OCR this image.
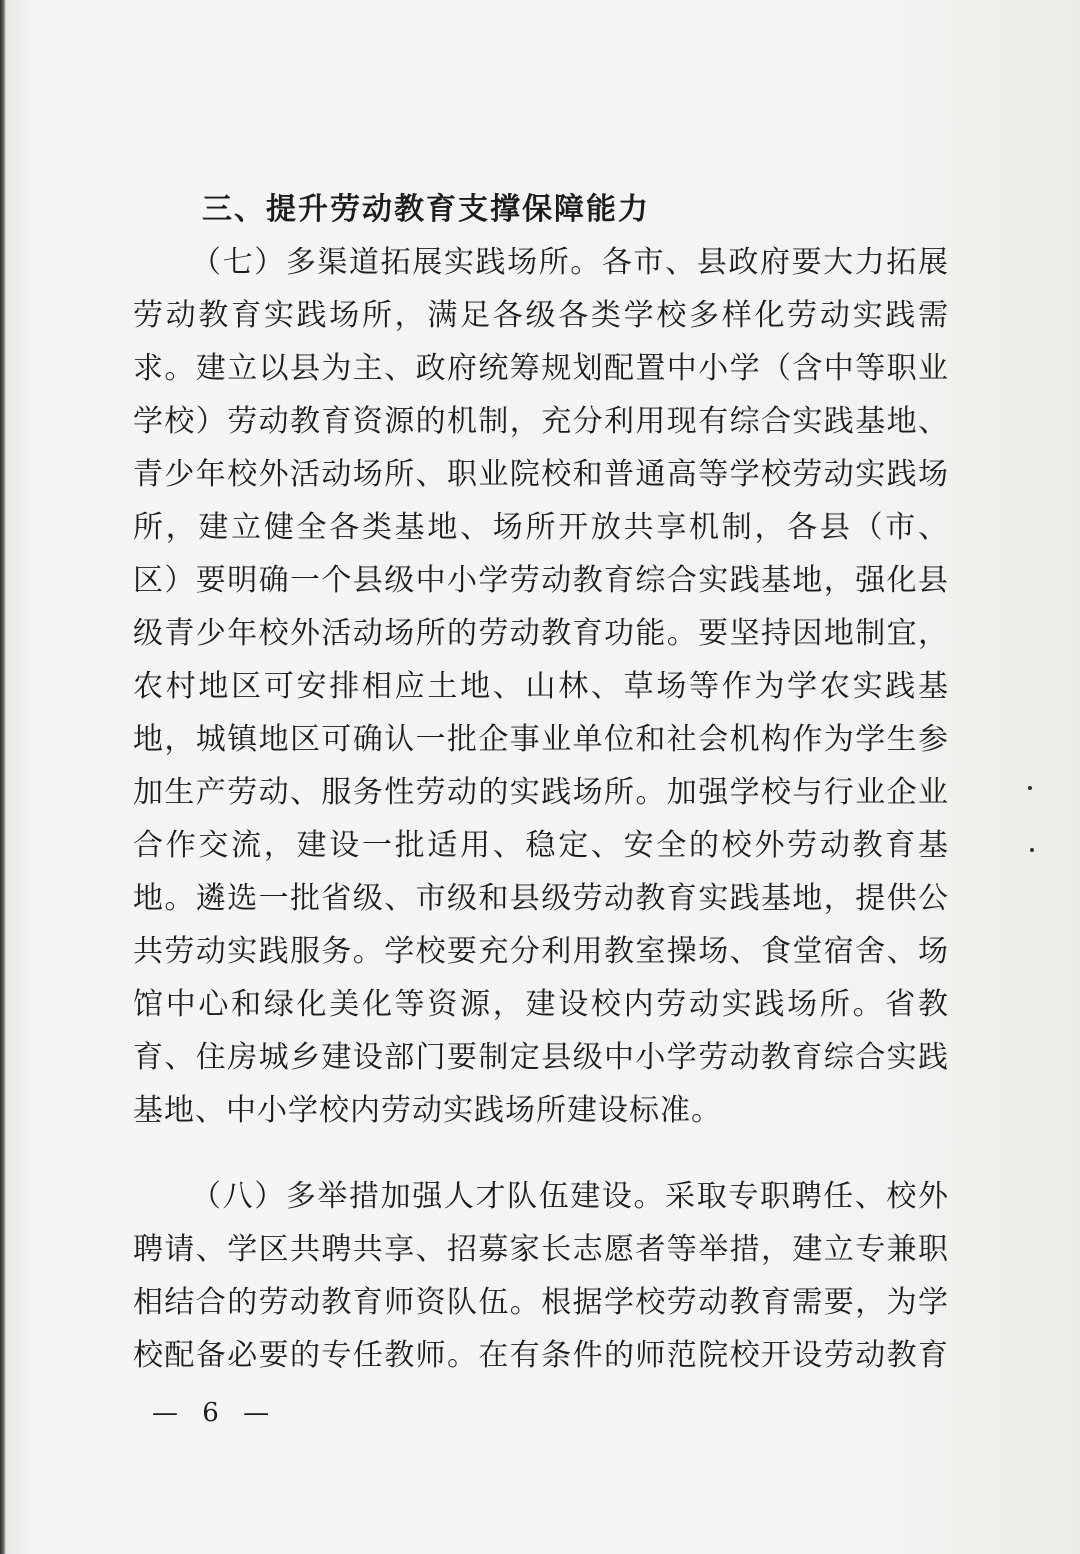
三、提升劳动教育支撑保障能力
（七）多渠道拓展实践场所。各市、县政府要大力拓展
劳动教育实践场所，满足各级各类学校多样化劳动实践需
求。建立以县为主、政府统筹规划配置中小学（含中等职业
学校）劳动教育资源的机制，充分利用现有综合实践基地、
青少年校外活动场所、职业院校和普通高等学校劳动实践场
所，建立健全各类基地、场所开放共享机制，各县（市、
区）要明确一个县级中小学劳动教育综合实践基地，强化县
级青少年校外活动场所的劳动教育功能。要坚持因地制宜，
农村地区可安排相应土地、山林、草场等作为学农实践基
地，城镇地区可确认一批企事业单位和社会机构作为学生参
加生产劳动、服务性劳动的实践场所。加强学校与行业企业
合作交流，建设一批适用、稳定、安全的校外劳动教育基
地。遴选一批省级、市级和县级劳动教育实践基地，提供公
共劳动实践服务。学校要充分利用教室操场、食堂宿舍、场
馆中心和绿化美化等资源，建设校内劳动实践场所。省教
育、住房城乡建设部门要制定县级中小学劳动教育综合实践
基地、中小学校内劳动实践场所建设标准。
（八）多举措加强人才队伍建设。采取专职聘任、校外
聘请、学区共聘共享、招募家长志愿者等举措，建立专兼职
相结合的劳动教育师资队伍。根据学校劳动教育需要，为学
校配备必要的专任教师。在有条件的师范院校开设劳动教育
— 6 —
